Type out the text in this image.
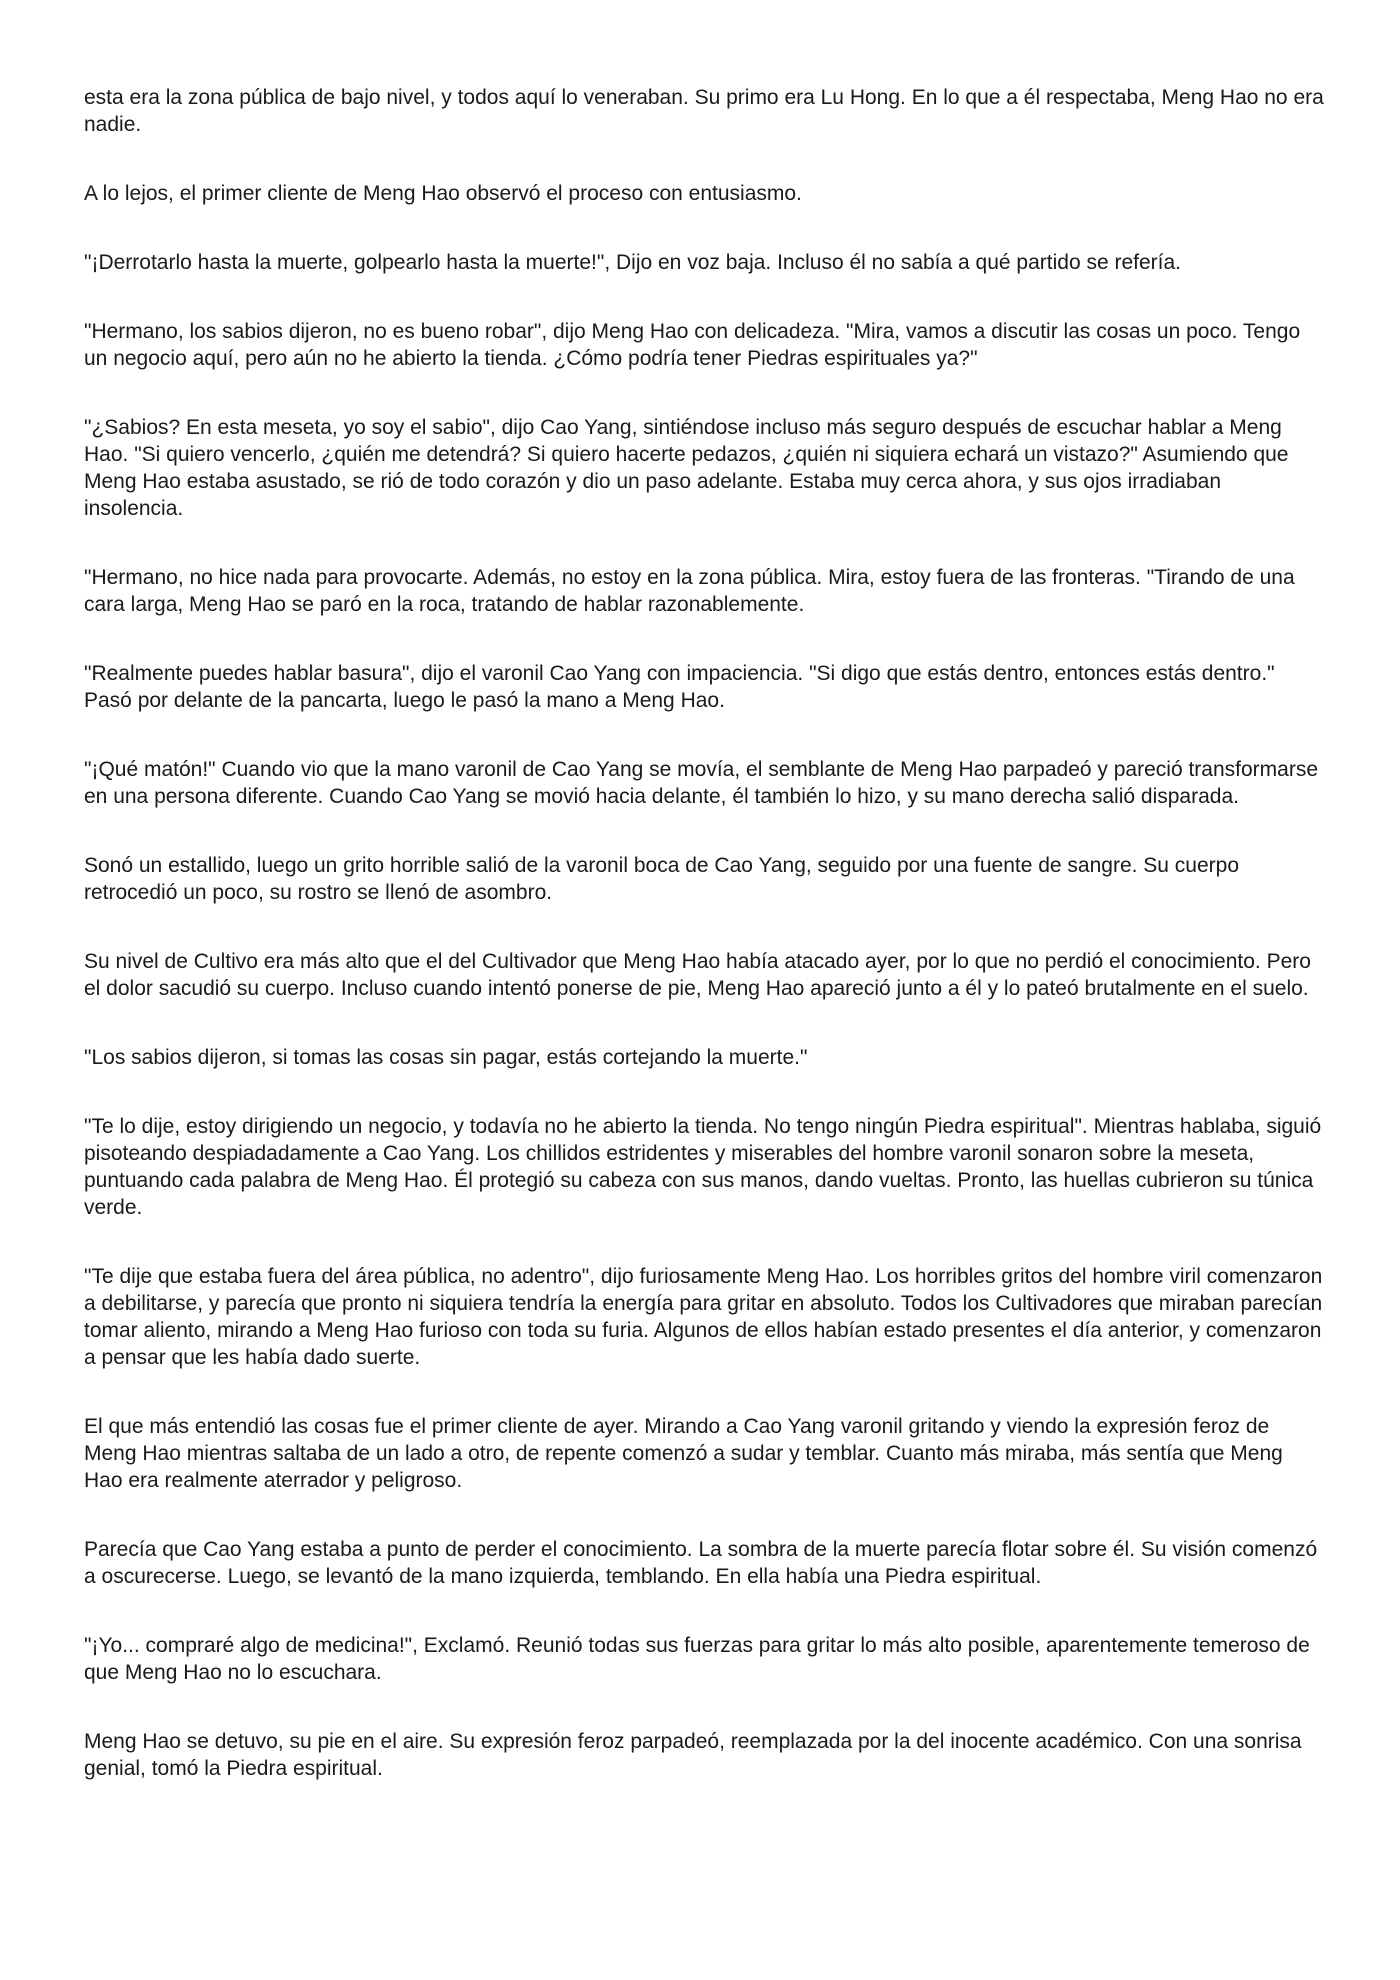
esta era la zona pública de bajo nivel, y todos aquí lo veneraban. Su primo era Lu Hong. En lo que a él respectaba, Meng Hao no era nadie.

A lo lejos, el primer cliente de Meng Hao observó el proceso con entusiasmo.

"¡Derrotarlo hasta la muerte, golpearlo hasta la muerte!", Dijo en voz baja. Incluso él no sabía a qué partido se refería.

"Hermano, los sabios dijeron, no es bueno robar", dijo Meng Hao con delicadeza. "Mira, vamos a discutir las cosas un poco. Tengo un negocio aquí, pero aún no he abierto la tienda. ¿Cómo podría tener Piedras espirituales ya?"

"¿Sabios? En esta meseta, yo soy el sabio", dijo Cao Yang, sintiéndose incluso más seguro después de escuchar hablar a Meng Hao. "Si quiero vencerlo, ¿quién me detendrá? Si quiero hacerte pedazos, ¿quién ni siquiera echará un vistazo?" Asumiendo que Meng Hao estaba asustado, se rió de todo corazón y dio un paso adelante. Estaba muy cerca ahora, y sus ojos irradiaban insolencia.

"Hermano, no hice nada para provocarte. Además, no estoy en la zona pública. Mira, estoy fuera de las fronteras. "Tirando de una cara larga, Meng Hao se paró en la roca, tratando de hablar razonablemente.

"Realmente puedes hablar basura", dijo el varonil Cao Yang con impaciencia. "Si digo que estás dentro, entonces estás dentro." Pasó por delante de la pancarta, luego le pasó la mano a Meng Hao.

"¡Qué matón!" Cuando vio que la mano varonil de Cao Yang se movía, el semblante de Meng Hao parpadeó y pareció transformarse en una persona diferente. Cuando Cao Yang se movió hacia delante, él también lo hizo, y su mano derecha salió disparada.

Sonó un estallido, luego un grito horrible salió de la varonil boca de Cao Yang, seguido por una fuente de sangre. Su cuerpo retrocedió un poco, su rostro se llenó de asombro.

Su nivel de Cultivo era más alto que el del Cultivador que Meng Hao había atacado ayer, por lo que no perdió el conocimiento. Pero el dolor sacudió su cuerpo. Incluso cuando intentó ponerse de pie, Meng Hao apareció junto a él y lo pateó brutalmente en el suelo.

"Los sabios dijeron, si tomas las cosas sin pagar, estás cortejando la muerte."

"Te lo dije, estoy dirigiendo un negocio, y todavía no he abierto la tienda. No tengo ningún Piedra espiritual". Mientras hablaba, siguió pisoteando despiadadamente a Cao Yang. Los chillidos estridentes y miserables del hombre varonil sonaron sobre la meseta, puntuando cada palabra de Meng Hao. Él protegió su cabeza con sus manos, dando vueltas. Pronto, las huellas cubrieron su túnica verde.

"Te dije que estaba fuera del área pública, no adentro", dijo furiosamente Meng Hao. Los horribles gritos del hombre viril comenzaron a debilitarse, y parecía que pronto ni siquiera tendría la energía para gritar en absoluto. Todos los Cultivadores que miraban parecían tomar aliento, mirando a Meng Hao furioso con toda su furia. Algunos de ellos habían estado presentes el día anterior, y comenzaron a pensar que les había dado suerte.

El que más entendió las cosas fue el primer cliente de ayer. Mirando a Cao Yang varonil gritando y viendo la expresión feroz de Meng Hao mientras saltaba de un lado a otro, de repente comenzó a sudar y temblar. Cuanto más miraba, más sentía que Meng Hao era realmente aterrador y peligroso.

Parecía que Cao Yang estaba a punto de perder el conocimiento. La sombra de la muerte parecía flotar sobre él. Su visión comenzó a oscurecerse. Luego, se levantó de la mano izquierda, temblando. En ella había una Piedra espiritual.

"¡Yo... compraré algo de medicina!", Exclamó. Reunió todas sus fuerzas para gritar lo más alto posible, aparentemente temeroso de que Meng Hao no lo escuchara.

Meng Hao se detuvo, su pie en el aire. Su expresión feroz parpadeó, reemplazada por la del inocente académico. Con una sonrisa genial, tomó la Piedra espiritual.
